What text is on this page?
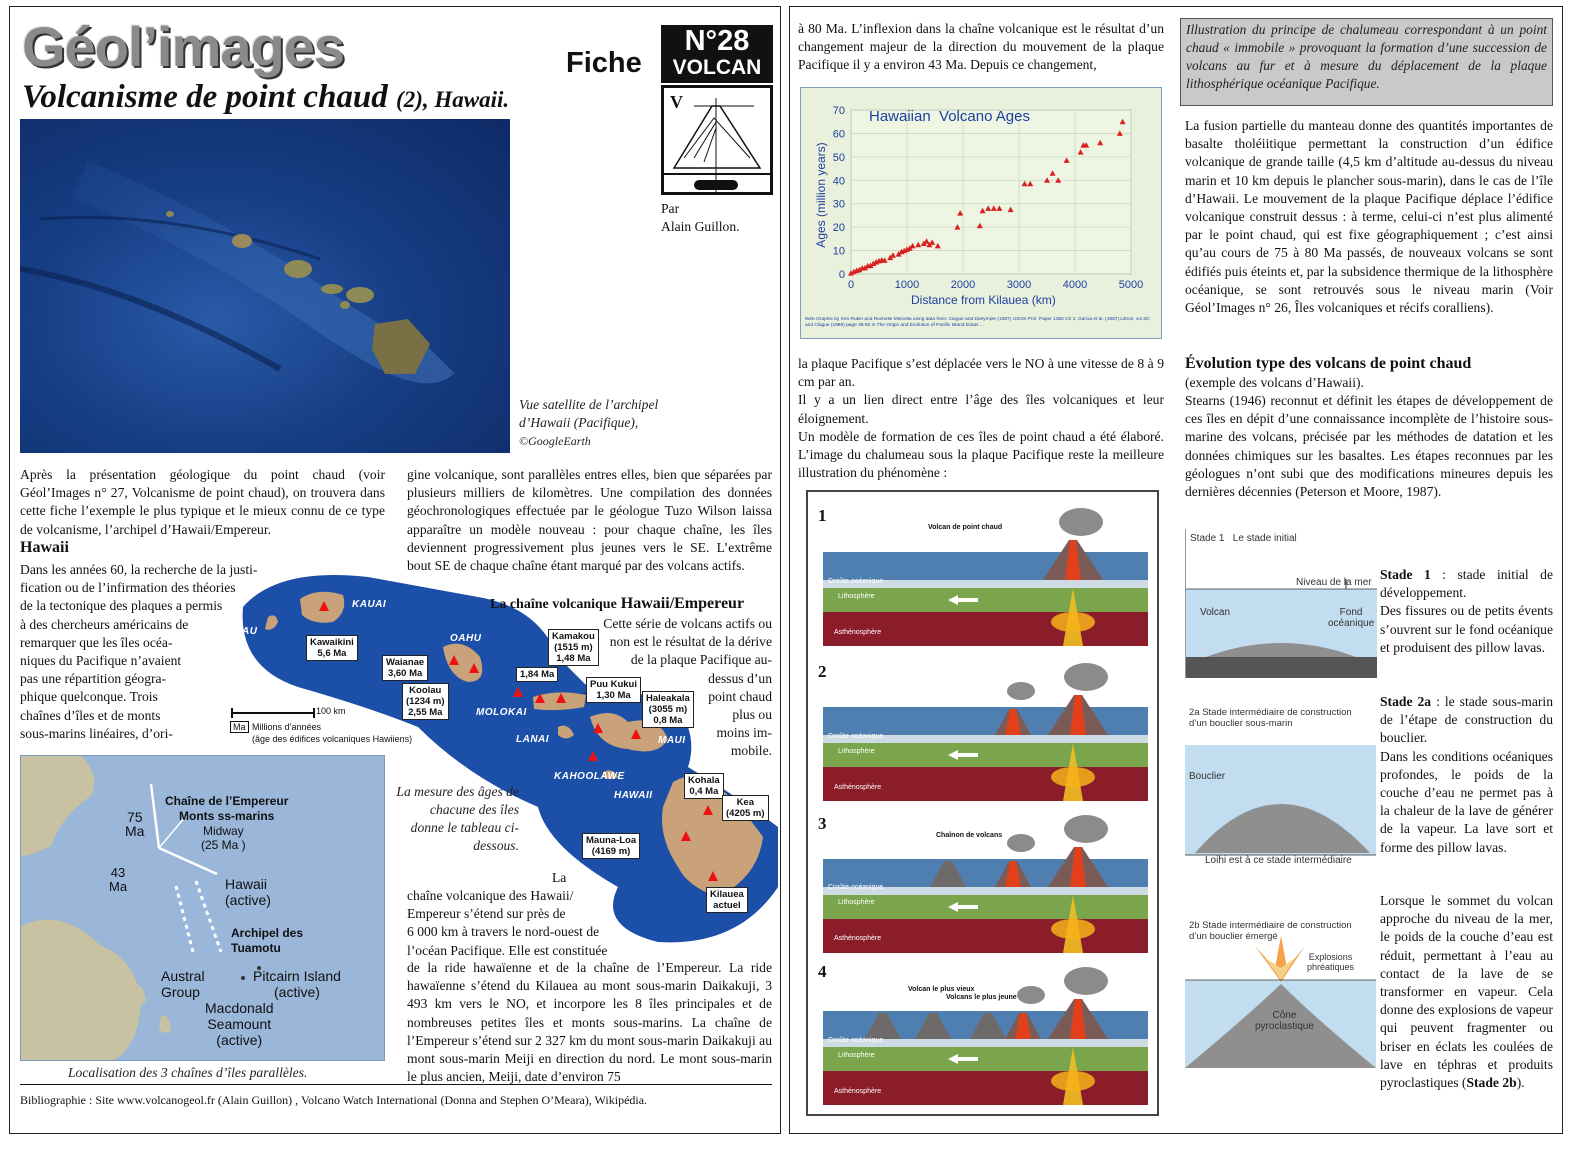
Géol’images	Fiche
N°28
VOLCAN
V
Par
Alain Guillon.
Volcanisme de point chaud (2), Hawaii.
Vue satellite de l’archipel
d’Hawaii (Pacifique),
©GoogleEarth
Après la présentation géologique du point chaud (voir Géol’Images n° 27, Volcanisme de point chaud), on trouvera dans cette fiche l’exemple le plus typique et le mieux connu de ce type de volcanisme, l’archipel d’Hawaii/Empereur.
Hawaii
Dans les années 60, la recherche de la justi-
fication ou de l’infirmation des théories
de la tectonique des plaques a permis
à des chercheurs américains de
remarquer que les îles océa-
niques du Pacifique n’avaient
pas une répartition géogra-
phique quelconque. Trois
chaînes d’îles et de monts
sous-marins linéaires, d’ori-
gine volcanique, sont parallèles entres elles, bien que séparées par plusieurs milliers de kilomètres. Une compilation des données géochronologiques effectuée par le géologue Tuzo Wilson laissa apparaître un modèle nouveau : pour chaque chaîne, les îles deviennent progressivement plus jeunes vers le SE. L’extrême bout SE de chaque chaîne étant marqué par des volcans actifs.
KAUAI
NIIHAU
OAHU
MOLOKAI
LANAI	MAUI
KAHOOLAWE
HAWAII
Kawaikini
5,6 Ma
Waianae
3,60 Ma
Koolau
(1234 m)
2,55 Ma
Kamakou
(1515 m)
1,48 Ma
1,84 Ma
Puu Kukui
1,30 Ma	Haleakala
(3055 m)
0,8 Ma
Kohala
0,4 Ma
Kea
(4205 m)
Mauna-Loa
(4169 m)
Kilauea
actuel
100 km
Ma Millions d’années
(âge des édifices volcaniques Hawiiens)
La chaîne volcanique Hawaii/Empereur
Cette série de volcans actifs ou
non est le résultat de la dérive
de la plaque Pacifique au-
dessus d’un
point chaud
plus ou
moins im-
mobile.
Chaîne de l’Empereur
Monts ss-marins
Midway
(25 Ma )
75
Ma
43
Ma	Hawaii
(active)
Archipel des
Tuamotu
Austral
Group
Pitcairn Island
(active)
Macdonald
Seamount
(active)
Localisation des 3 chaînes d’îles parallèles.
La mesure des âges de chacune des îles donne le tableau ci-dessous.
La
chaîne volcanique des Hawaii/
Empereur s’étend sur près de
6 000 km à travers le nord-ouest de
l’océan Pacifique. Elle est constituée
de la ride hawaïenne et de la chaîne de l’Empereur. La ride hawaïenne s’étend du Kilauea au mont sous-marin Daikakuji, 3 493 km vers le NO, et incorpore les 8 îles principales et de nombreuses petites îles et monts sous-marins. La chaîne de l’Empereur s’étend sur 2 327 km du mont sous-marin Daikakuji au mont sous-marin Meiji en direction du nord. Le mont sous-marin le plus ancien, Meiji, date d’environ 75
Bibliographie : Site www.volcanogeol.fr (Alain Guillon) , Volcano Watch International (Donna and Stephen O’Meara), Wikipédia.
à 80 Ma. L’inflexion dans la chaîne volcanique est le résultat d’un changement majeur de la direction du mouvement de la plaque Pacifique il y a environ 43 Ma. Depuis ce changement,
0
10
20
30
40
50
60
70
0	1000	2000	3000	4000	5000
Hawaiian  Volcano Ages
Distance from Kilauea (km)
Ages (million years)
Web Graphic by Ken Rubin and Rochelle Minnella using data from: Clague and Dalrymple (1987) USGS Prof. Paper 1350 Ch 1; Garcia et al. (1987) Lithos, vol 20; and Clague (1996) page 35-50 in The Origin and Evolution of Pacific Island biotas ...
la plaque Pacifique s’est déplacée vers le NO à une vitesse de 8 à 9 cm par an.
Il y a un lien direct entre l’âge des îles volcaniques et leur éloignement.
Un modèle de formation de ces îles de point chaud a été élaboré. L’image du chalumeau sous la plaque Pacifique reste la meilleure illustration du phénomène :
1
2
3
4
Volcan de point chaud
Chaînon de volcans
Volcan le plus vieux
Volcans le plus jeune
Croûte océanique
Lithosphère
Asthénosphère
Croûte océanique
Lithosphère
Asthénosphère
Croûte océanique
Lithosphère
Asthénosphère
Croûte océanique
Lithosphère
Asthénosphère
Illustration du principe de chalumeau correspondant à un point chaud « immobile » provoquant la formation d’une succession de volcans au fur et à mesure du déplacement de la plaque lithosphérique océanique Pacifique.
La fusion partielle du manteau donne des quantités importantes de basalte tholéiitique permettant la construction d’un édifice volcanique de grande taille (4,5 km d’altitude au-dessus du niveau marin et 10 km depuis le plancher sous-marin), dans le cas de l’île d’Hawaii. Le mouvement de la plaque Pacifique déplace l’édifice volcanique construit dessus : à terme, celui-ci n’est plus alimenté par le point chaud, qui est fixe géographiquement ; c’est ainsi qu’au cours de 75 à 80 Ma passés, de nouveaux volcans se sont édifiés puis éteints et, par la subsidence thermique de la lithosphère océanique, se sont retrouvés sous le niveau marin (Voir Géol’Images n° 26, Îles volcaniques et récifs coralliens).
Évolution type des volcans de point chaud
(exemple des volcans d’Hawaii).
Stearns (1946) reconnut et définit les étapes de développement de ces îles en dépit d’une connaissance incomplète de l’histoire sous-marine des volcans, précisée par les méthodes de datation et les données chimiques sur les basaltes. Les étapes reconnues par les géologues n’ont subi que des modifications mineures depuis les dernières décennies (Peterson et Moore, 1987).
Stade 1   Le stade initial
Niveau de la mer
Volcan	Fond
océanique
Stade 1 : stade initial de développement.
Des fissures ou de petits évents s’ouvrent sur le fond océanique et produisent des pillow lavas.
2a Stade intermédiaire de construction
d’un bouclier sous-marin
Bouclier
Loihi est à ce stade intermédiaire
Stade 2a : le stade sous-marin de l’étape de construction du bouclier.
Dans les conditions océaniques profondes, le poids de la couche d’eau ne permet pas à la chaleur de la lave de générer de la vapeur. La lave sort et forme des pillow lavas.
2b Stade intermédiaire de construction
d’un bouclier émergé
Explosions
phréatiques
Cône
pyroclastique
Lorsque le sommet du volcan approche du niveau de la mer, le poids de la couche d’eau est réduit, permettant à l’eau au contact de la lave de se transformer en vapeur. Cela donne des explosions de vapeur qui peuvent fragmenter ou briser en éclats les coulées de lave en téphras et produits pyroclastiques (Stade 2b).
